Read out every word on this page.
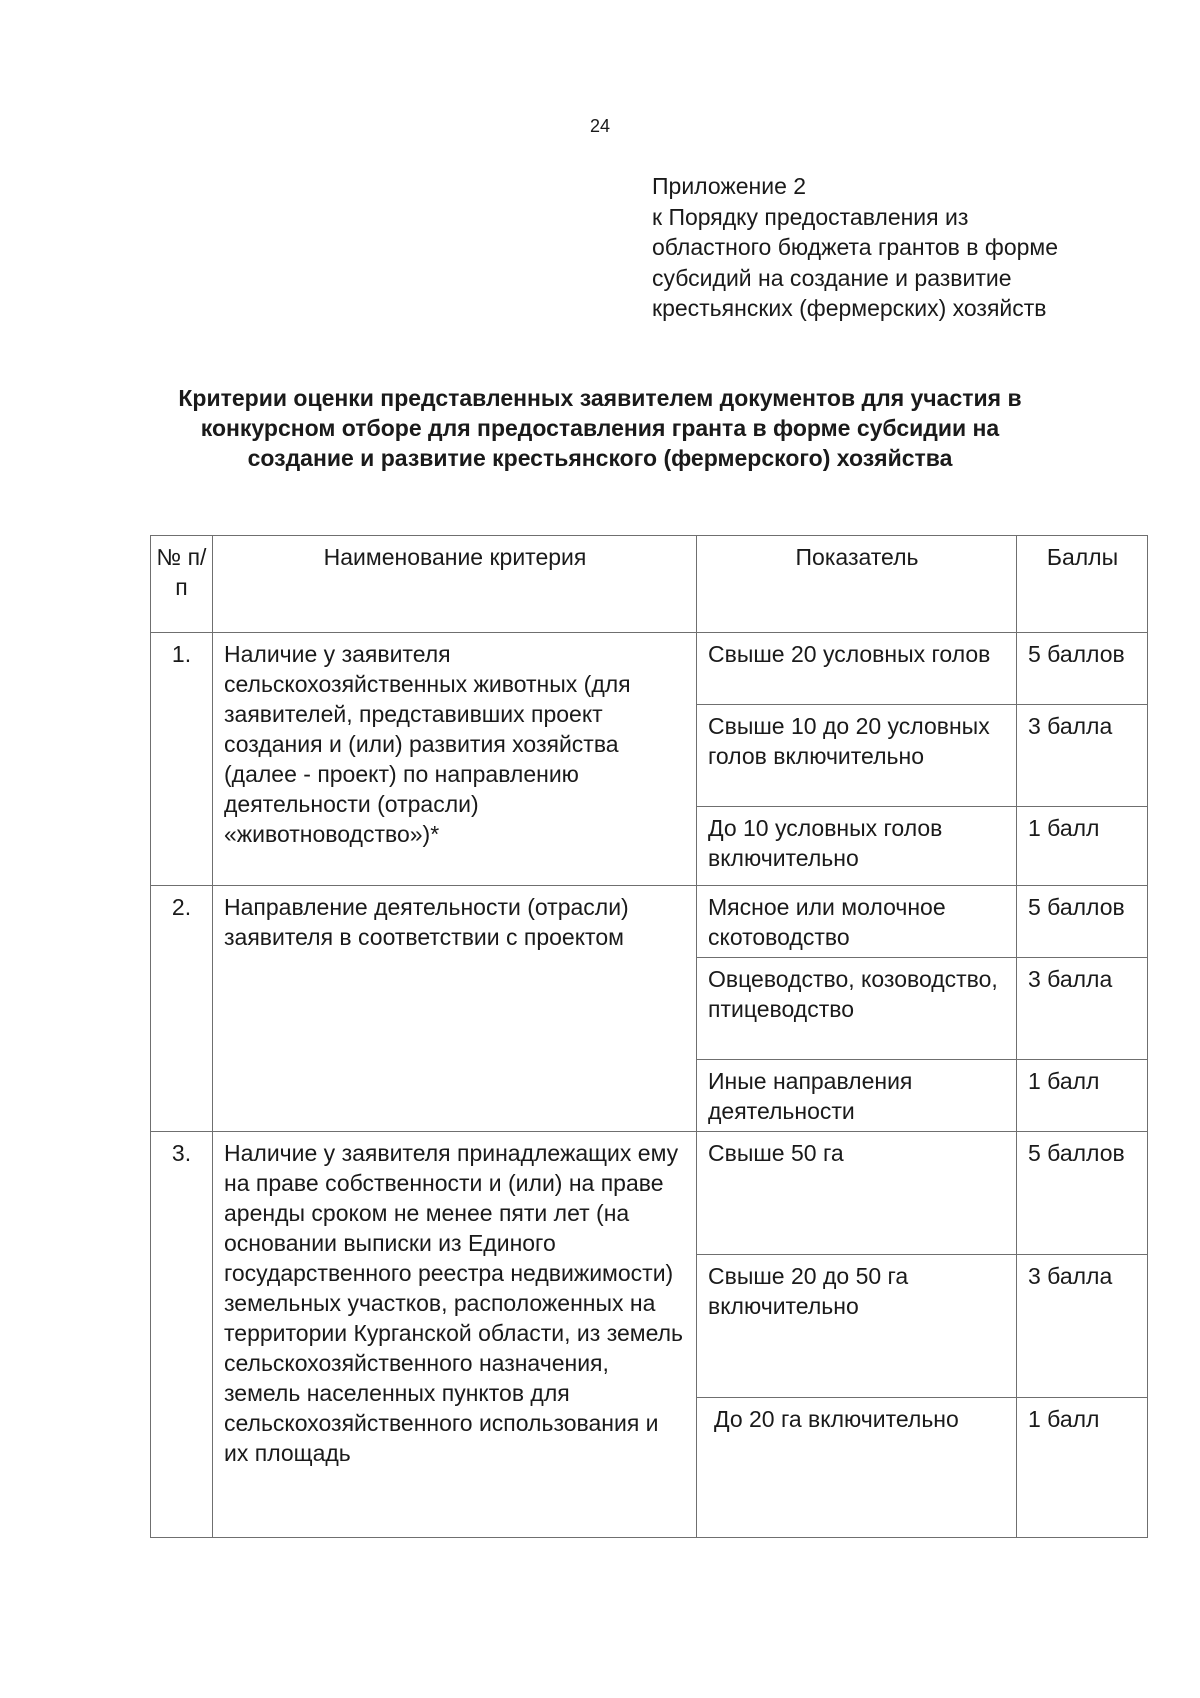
24
Приложение 2
к Порядку предоставления из
областного бюджета грантов в форме
субсидий на создание и развитие
крестьянских (фермерских) хозяйств
Критерии оценки представленных заявителем документов для участия в
конкурсном отборе для предоставления гранта в форме субсидии на
создание и развитие крестьянского (фермерского) хозяйства
№ п/п	Наименование критерия	Показатель	Баллы
1.	Наличие у заявителя сельскохозяйственных животных (для заявителей, представивших проект создания и (или) развития хозяйства (далее - проект) по направлению деятельности (отрасли) «животноводство»)*	Свыше 20 условных голов	5 баллов
		Свыше 10 до 20 условных голов включительно	3 балла
		До 10 условных голов включительно	1 балл
2.	Направление деятельности (отрасли) заявителя в соответствии с проектом	Мясное или молочное скотоводство	5 баллов
		Овцеводство, козоводство, птицеводство	3 балла
		Иные направления деятельности	1 балл
3.	Наличие у заявителя принадлежащих ему на праве собственности и (или) на праве аренды сроком не менее пяти лет (на основании выписки из Единого государственного реестра недвижимости) земельных участков, расположенных на территории Курганской области, из земель сельскохозяйственного назначения, земель населенных пунктов для сельскохозяйственного использования и их площадь	Свыше 50 га	5 баллов
		Свыше 20 до 50 га включительно	3 балла
		До 20 га включительно	1 балл
